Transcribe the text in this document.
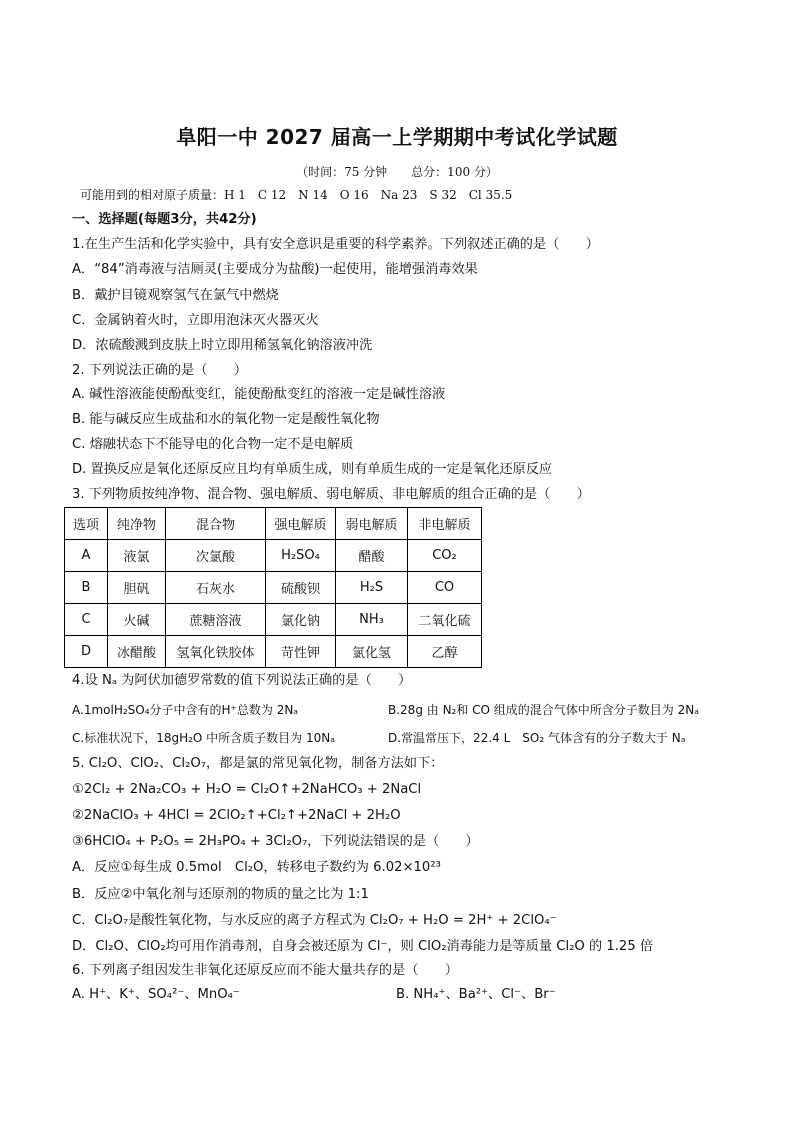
阜阳一中 2027 届高一上学期期中考试化学试题
（时间：75 分钟　　总分：100 分）
可能用到的相对原子质量：H 1　C 12　N 14　O 16　Na 23　S 32　Cl 35.5
一、选择题(每题3分，共42分)
1.在生产生活和化学实验中，具有安全意识是重要的科学素养。下列叙述正确的是（　　）
A．“84”消毒液与洁厕灵(主要成分为盐酸)一起使用，能增强消毒效果
B．戴护目镜观察氢气在氯气中燃烧
C．金属钠着火时，立即用泡沫灭火器灭火
D．浓硫酸溅到皮肤上时立即用稀氢氧化钠溶液冲洗
2. 下列说法正确的是（　　）
A. 碱性溶液能使酚酞变红，能使酚酞变红的溶液一定是碱性溶液
B. 能与碱反应生成盐和水的氧化物一定是酸性氧化物
C. 熔融状态下不能导电的化合物一定不是电解质
D. 置换反应是氧化还原反应且均有单质生成，则有单质生成的一定是氧化还原反应
3. 下列物质按纯净物、混合物、强电解质、弱电解质、非电解质的组合正确的是（　　）
选项	纯净物	混合物	强电解质	弱电解质	非电解质
A	液氯	次氯酸	H₂SO₄	醋酸	CO₂
B	胆矾	石灰水	硫酸钡	H₂S	CO
C	火碱	蔗糖溶液	氯化钠	NH₃	二氧化硫
D	冰醋酸	氢氧化铁胶体	苛性钾	氯化氢	乙醇
4.设 Nₐ 为阿伏加德罗常数的值下列说法正确的是（　　）
A.1molH₂SO₄分子中含有的H⁺总数为 2Nₐ	B.28g 由 N₂和 CO 组成的混合气体中所含分子数目为 2Nₐ
C.标准状况下，18gH₂O 中所含质子数目为 10Nₐ	D.常温常压下，22.4 L　SO₂ 气体含有的分子数大于 Nₐ
5. Cl₂O、ClO₂、Cl₂O₇，都是氯的常见氧化物，制备方法如下：
①2Cl₂ + 2Na₂CO₃ + H₂O = Cl₂O↑+2NaHCO₃ + 2NaCl
②2NaClO₃ + 4HCl = 2ClO₂↑+Cl₂↑+2NaCl + 2H₂O
③6HClO₄ + P₂O₅ = 2H₃PO₄ + 3Cl₂O₇，下列说法错误的是（　　）
A．反应①每生成 0.5mol　Cl₂O，转移电子数约为 6.02×10²³
B．反应②中氧化剂与还原剂的物质的量之比为 1:1
C．Cl₂O₇是酸性氧化物，与水反应的离子方程式为 Cl₂O₇ + H₂O = 2H⁺ + 2ClO₄⁻
D．Cl₂O、ClO₂均可用作消毒剂，自身会被还原为 Cl⁻，则 ClO₂消毒能力是等质量 Cl₂O 的 1.25 倍
6. 下列离子组因发生非氧化还原反应而不能大量共存的是（　　）
A. H⁺、K⁺、SO₄²⁻、MnO₄⁻	B. NH₄⁺、Ba²⁺、Cl⁻、Br⁻
